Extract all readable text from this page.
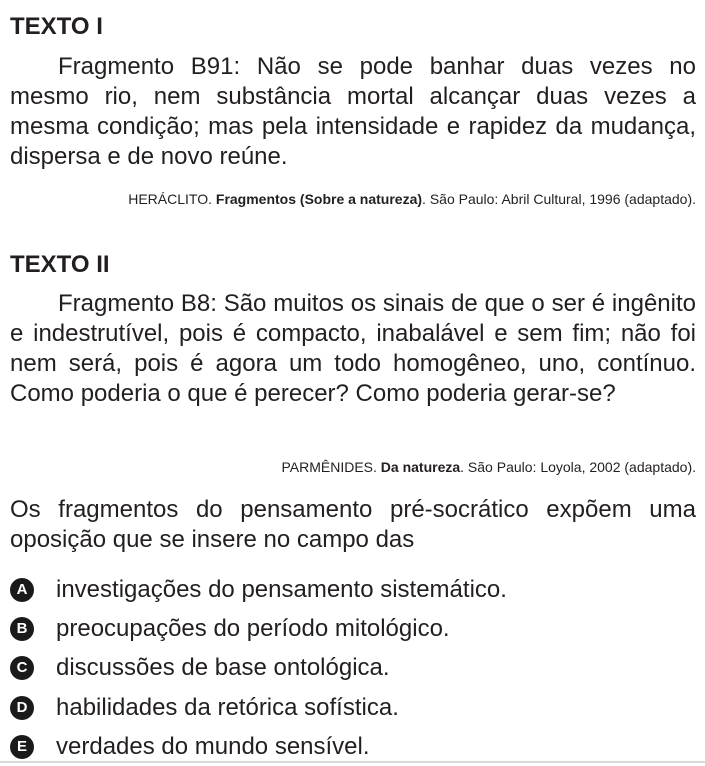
TEXTO I

Fragmento B91: Não se pode banhar duas vezes no mesmo rio, nem substância mortal alcançar duas vezes a mesma condição; mas pela intensidade e rapidez da mudança, dispersa e de novo reúne.

HERÁCLITO. Fragmentos (Sobre a natureza). São Paulo: Abril Cultural, 1996 (adaptado).

TEXTO II

Fragmento B8: São muitos os sinais de que o ser é ingênito e indestrutível, pois é compacto, inabalável e sem fim; não foi nem será, pois é agora um todo homogêneo, uno, contínuo. Como poderia o que é perecer? Como poderia gerar-se?

PARMÊNIDES. Da natureza. São Paulo: Loyola, 2002 (adaptado).

Os fragmentos do pensamento pré-socrático expõem uma oposição que se insere no campo das

A investigações do pensamento sistemático.
B preocupações do período mitológico.
C discussões de base ontológica.
D habilidades da retórica sofística.
E verdades do mundo sensível.
